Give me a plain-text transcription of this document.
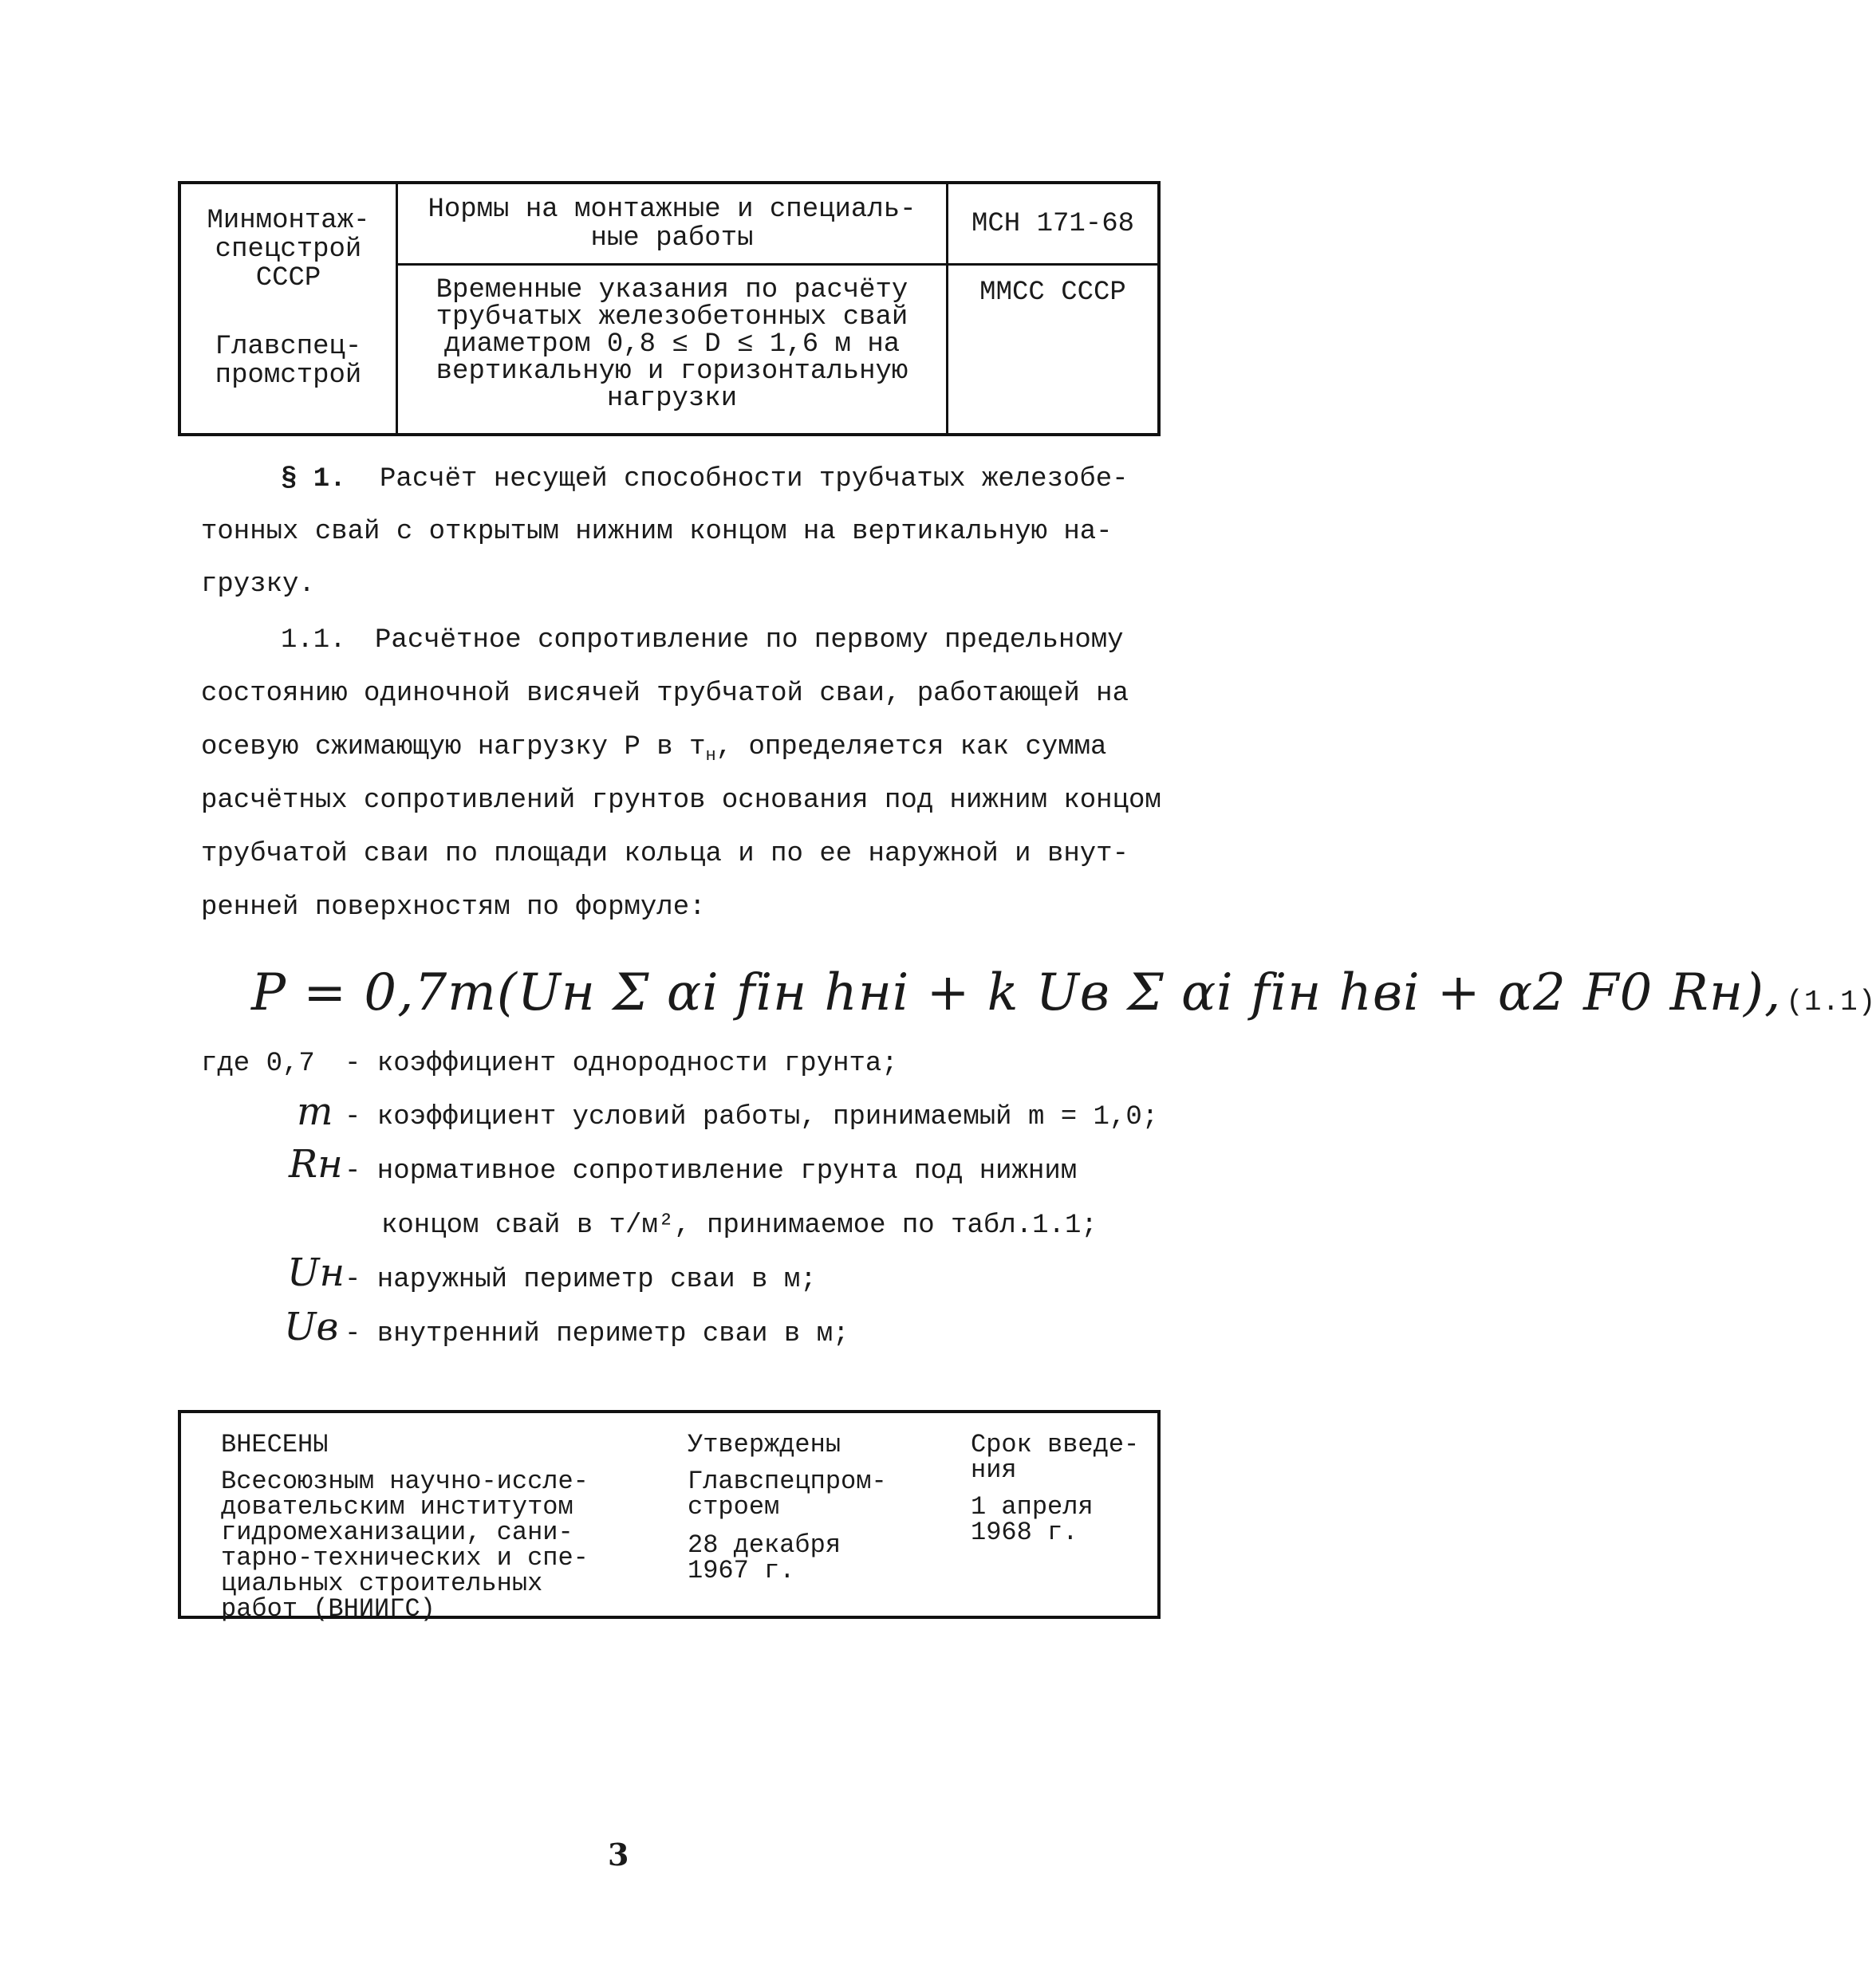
Минмонтаж-
спецстрой
СССР
Главспец-
промстрой
Нормы на монтажные и специаль-
ные работы	МСН 171-68
Временные указания по расчёту
трубчатых железобетонных свай
диаметром 0,8 ≤ D ≤ 1,6 м на
вертикальную и горизонтальную
нагрузки
ММСС СССР
§ 1. Расчёт несущей способности трубчатых железобе-
тонных свай с открытым нижним концом на вертикальную на-
грузку.
1.1. Расчётное сопротивление по первому предельному
состоянию одиночной висячей трубчатой сваи, работающей на
осевую сжимающую нагрузку Р в $т_н$, определяется как сумма
расчётных сопротивлений грунтов основания под нижним концом
трубчатой сваи по площади кольца и по ее наружной и внут-
ренней поверхностям по формуле:
P = 0,7m(Uн Σ αi fiн hнi + k Uв Σ αi fiн hвi + α2 F0 Rн), (1.1)
где 0,7 - коэффициент однородности грунта;
m - коэффициент условий работы, принимаемый m = 1,0;
Rн - нормативное сопротивление грунта под нижним
концом свай в т/м², принимаемое по табл.1.1;
Uн - наружный периметр сваи в м;
Uв - внутренний периметр сваи в м;
ВНЕСЕНЫ
Всесоюзным научно-иссле-
довательским институтом
гидромеханизации, сани-
тарно-технических и спе-
циальных строительных
работ (ВНИИГС)
Утверждены
Главспецпром-
строем
28 декабря
1967 г.
Срок введе-
ния
1 апреля
1968 г.
3
